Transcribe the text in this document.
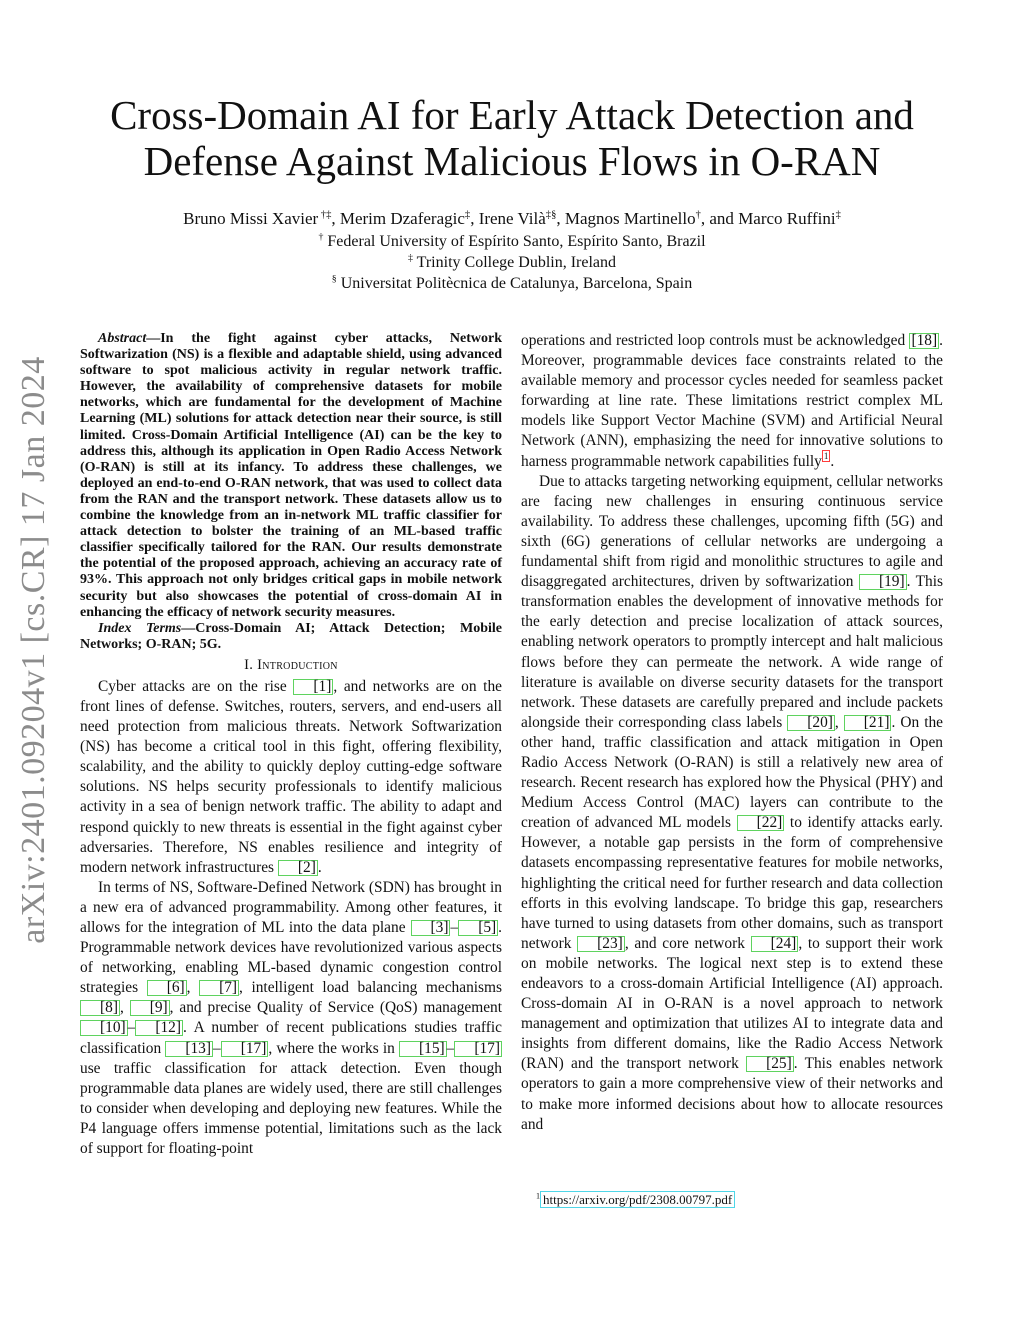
arXiv:2401.09204v1 [cs.CR] 17 Jan 2024
Cross-Domain AI for Early Attack Detection and Defense Against Malicious Flows in O-RAN
Bruno Missi Xavier †‡, Merim Dzaferagic‡, Irene Vilà‡§, Magnos Martinello†, and Marco Ruffini‡
† Federal University of Espírito Santo, Espírito Santo, Brazil
‡ Trinity College Dublin, Ireland
§ Universitat Politècnica de Catalunya, Barcelona, Spain

Abstract—In the fight against cyber attacks, Network Softwarization (NS) is a flexible and adaptable shield, using advanced software to spot malicious activity in regular network traffic. However, the availability of comprehensive datasets for mobile networks, which are fundamental for the development of Machine Learning (ML) solutions for attack detection near their source, is still limited. Cross-Domain Artificial Intelligence (AI) can be the key to address this, although its application in Open Radio Access Network (O-RAN) is still at its infancy. To address these challenges, we deployed an end-to-end O-RAN network, that was used to collect data from the RAN and the transport network. These datasets allow us to combine the knowledge from an in-network ML traffic classifier for attack detection to bolster the training of an ML-based traffic classifier specifically tailored for the RAN. Our results demonstrate the potential of the proposed approach, achieving an accuracy rate of 93%. This approach not only bridges critical gaps in mobile network security but also showcases the potential of cross-domain AI in enhancing the efficacy of network security measures.

Index Terms—Cross-Domain AI; Attack Detection; Mobile Networks; O-RAN; 5G.

I. Introduction

Cyber attacks are on the rise [1] , and networks are on the front lines of defense. Switches, routers, servers, and end-users all need protection from malicious threats. Network Softwarization (NS) has become a critical tool in this fight, offering flexibility, scalability, and the ability to quickly deploy cutting-edge software solutions. NS helps security professionals to identify malicious activity in a sea of benign network traffic. The ability to adapt and respond quickly to new threats is essential in the fight against cyber adversaries. Therefore, NS enables resilience and integrity of modern network infrastructures [2] .

In terms of NS, Software-Defined Network (SDN) has brought in a new era of advanced programmability. Among other features, it allows for the integration of ML into the data plane [3] – [5] . Programmable network devices have revolutionized various aspects of networking, enabling ML-based dynamic congestion control strategies [6] , [7] , intelligent load balancing mechanisms [8] , [9] , and precise Quality of Service (QoS) management [10] – [12] . A number of recent publications studies traffic classification [13] – [17] , where the works in [15] – [17] use traffic classification for attack detection. Even though programmable data planes are widely used, there are still challenges to consider when developing and deploying new features. While the P4 language offers immense potential, limitations such as the lack of support for floating-point

operations and restricted loop controls must be acknowledged [18] . Moreover, programmable devices face constraints related to the available memory and processor cycles needed for seamless packet forwarding at line rate. These limitations restrict complex ML models like Support Vector Machine (SVM) and Artificial Neural Network (ANN), emphasizing the need for innovative solutions to harness programmable network capabilities fully $^1$ .

Due to attacks targeting networking equipment, cellular networks are facing new challenges in ensuring continuous service availability. To address these challenges, upcoming fifth (5G) and sixth (6G) generations of cellular networks are undergoing a fundamental shift from rigid and monolithic structures to agile and disaggregated architectures, driven by softwarization [19] . This transformation enables the development of innovative methods for the early detection and precise localization of attack sources, enabling network operators to promptly intercept and halt malicious flows before they can permeate the network. A wide range of literature is available on diverse security datasets for the transport network. These datasets are carefully prepared and include packets alongside their corresponding class labels [20] , [21] . On the other hand, traffic classification and attack mitigation in Open Radio Access Network (O-RAN) is still a relatively new area of research. Recent research has explored how the Physical (PHY) and Medium Access Control (MAC) layers can contribute to the creation of advanced ML models [22] to identify attacks early. However, a notable gap persists in the form of comprehensive datasets encompassing representative features for mobile networks, highlighting the critical need for further research and data collection efforts in this evolving landscape. To bridge this gap, researchers have turned to using datasets from other domains, such as transport network [23] , and core network [24] , to support their work on mobile networks. The logical next step is to extend these endeavors to a cross-domain Artificial Intelligence (AI) approach. Cross-domain AI in O-RAN is a novel approach to network management and optimization that utilizes AI to integrate data and insights from different domains, like the Radio Access Network (RAN) and the transport network [25] . This enables network operators to gain a more comprehensive view of their networks and to make more informed decisions about how to allocate resources and

$^1$ https://arxiv.org/pdf/2308.00797.pdf
